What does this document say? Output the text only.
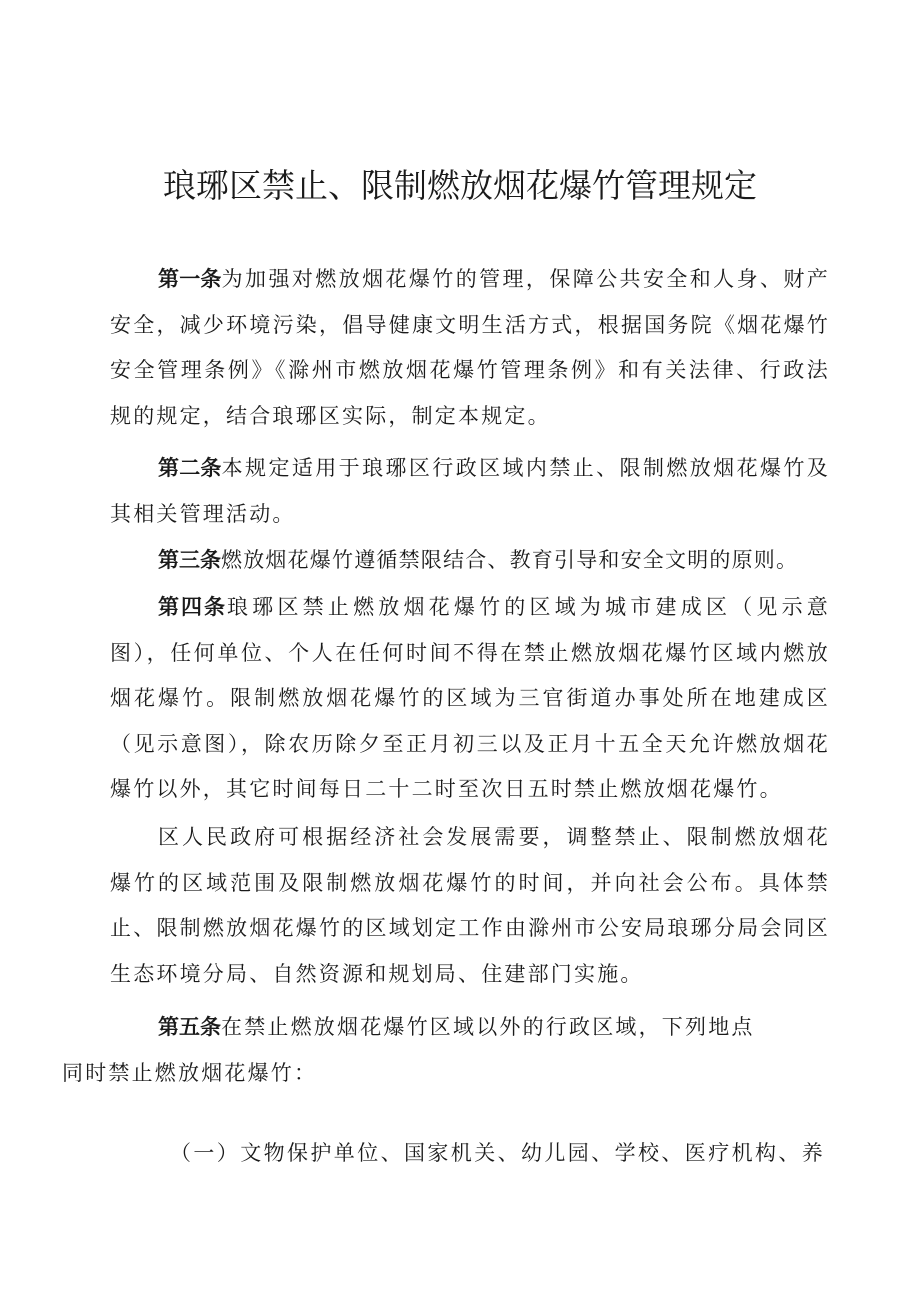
琅琊区禁止、限制燃放烟花爆竹管理规定

第一条为加强对燃放烟花爆竹的管理，保障公共安全和人身、财产安全，减少环境污染，倡导健康文明生活方式，根据国务院《烟花爆竹安全管理条例》《滁州市燃放烟花爆竹管理条例》和有关法律、行政法规的规定，结合琅琊区实际，制定本规定。

第二条本规定适用于琅琊区行政区域内禁止、限制燃放烟花爆竹及其相关管理活动。

第三条燃放烟花爆竹遵循禁限结合、教育引导和安全文明的原则。

第四条琅琊区禁止燃放烟花爆竹的区域为城市建成区（见示意图），任何单位、个人在任何时间不得在禁止燃放烟花爆竹区域内燃放烟花爆竹。限制燃放烟花爆竹的区域为三官街道办事处所在地建成区（见示意图），除农历除夕至正月初三以及正月十五全天允许燃放烟花爆竹以外，其它时间每日二十二时至次日五时禁止燃放烟花爆竹。

区人民政府可根据经济社会发展需要，调整禁止、限制燃放烟花爆竹的区域范围及限制燃放烟花爆竹的时间，并向社会公布。具体禁止、限制燃放烟花爆竹的区域划定工作由滁州市公安局琅琊分局会同区生态环境分局、自然资源和规划局、住建部门实施。

第五条在禁止燃放烟花爆竹区域以外的行政区域，下列地点
同时禁止燃放烟花爆竹：

（一）文物保护单位、国家机关、幼儿园、学校、医疗机构、养
